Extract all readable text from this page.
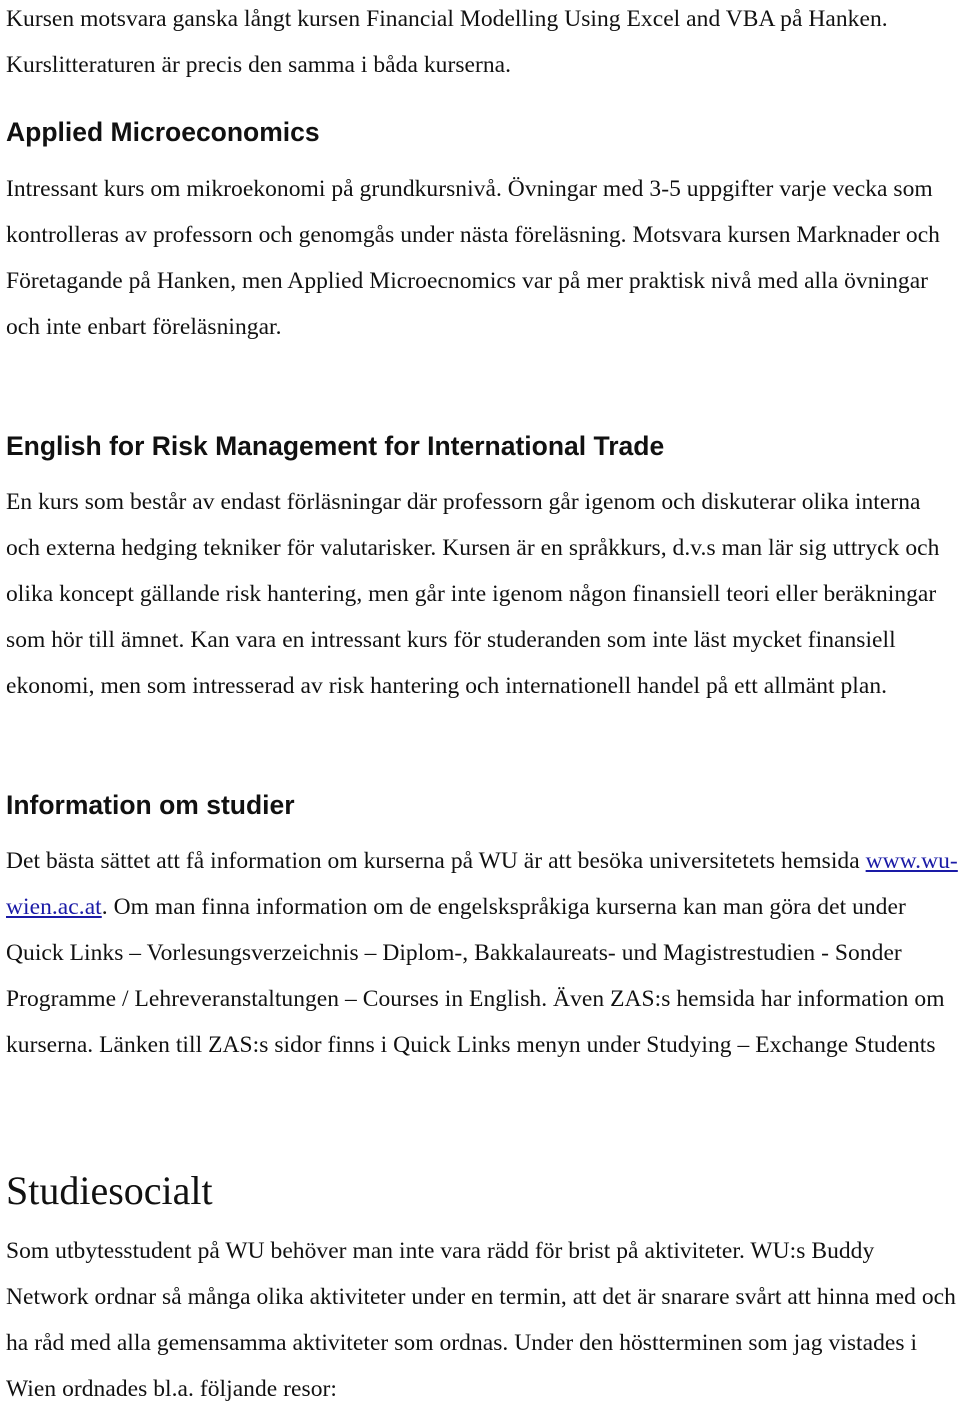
Kursen motsvara ganska långt kursen Financial Modelling Using Excel and VBA på Hanken. Kurslitteraturen är precis den samma i båda kurserna.

Applied Microeconomics

Intressant kurs om mikroekonomi på grundkursnivå. Övningar med 3-5 uppgifter varje vecka som kontrolleras av professorn och genomgås under nästa föreläsning. Motsvara kursen Marknader och Företagande på Hanken, men Applied Microecnomics var på mer praktisk nivå med alla övningar och inte enbart föreläsningar.

English for Risk Management for International Trade

En kurs som består av endast förläsningar där professorn går igenom och diskuterar olika interna och externa hedging tekniker för valutarisker. Kursen är en språkkurs, d.v.s man lär sig uttryck och olika koncept gällande risk hantering, men går inte igenom någon finansiell teori eller beräkningar som hör till ämnet. Kan vara en intressant kurs för studeranden som inte läst mycket finansiell ekonomi, men som intresserad av risk hantering och internationell handel på ett allmänt plan.

Information om studier

Det bästa sättet att få information om kurserna på WU är att besöka universitetets hemsida www.wu-wien.ac.at. Om man finna information om de engelskspråkiga kurserna kan man göra det under Quick Links – Vorlesungsverzeichnis – Diplom-, Bakkalaureats- und Magistrestudien - Sonder Programme / Lehreveranstaltungen – Courses in English. Även ZAS:s hemsida har information om kurserna. Länken till ZAS:s sidor finns i Quick Links menyn under Studying – Exchange Students

Studiesocialt

Som utbytesstudent på WU behöver man inte vara rädd för brist på aktiviteter. WU:s Buddy Network ordnar så många olika aktiviteter under en termin, att det är snarare svårt att hinna med och ha råd med alla gemensamma aktiviteter som ordnas. Under den höstterminen som jag vistades i Wien ordnades bl.a. följande resor:
